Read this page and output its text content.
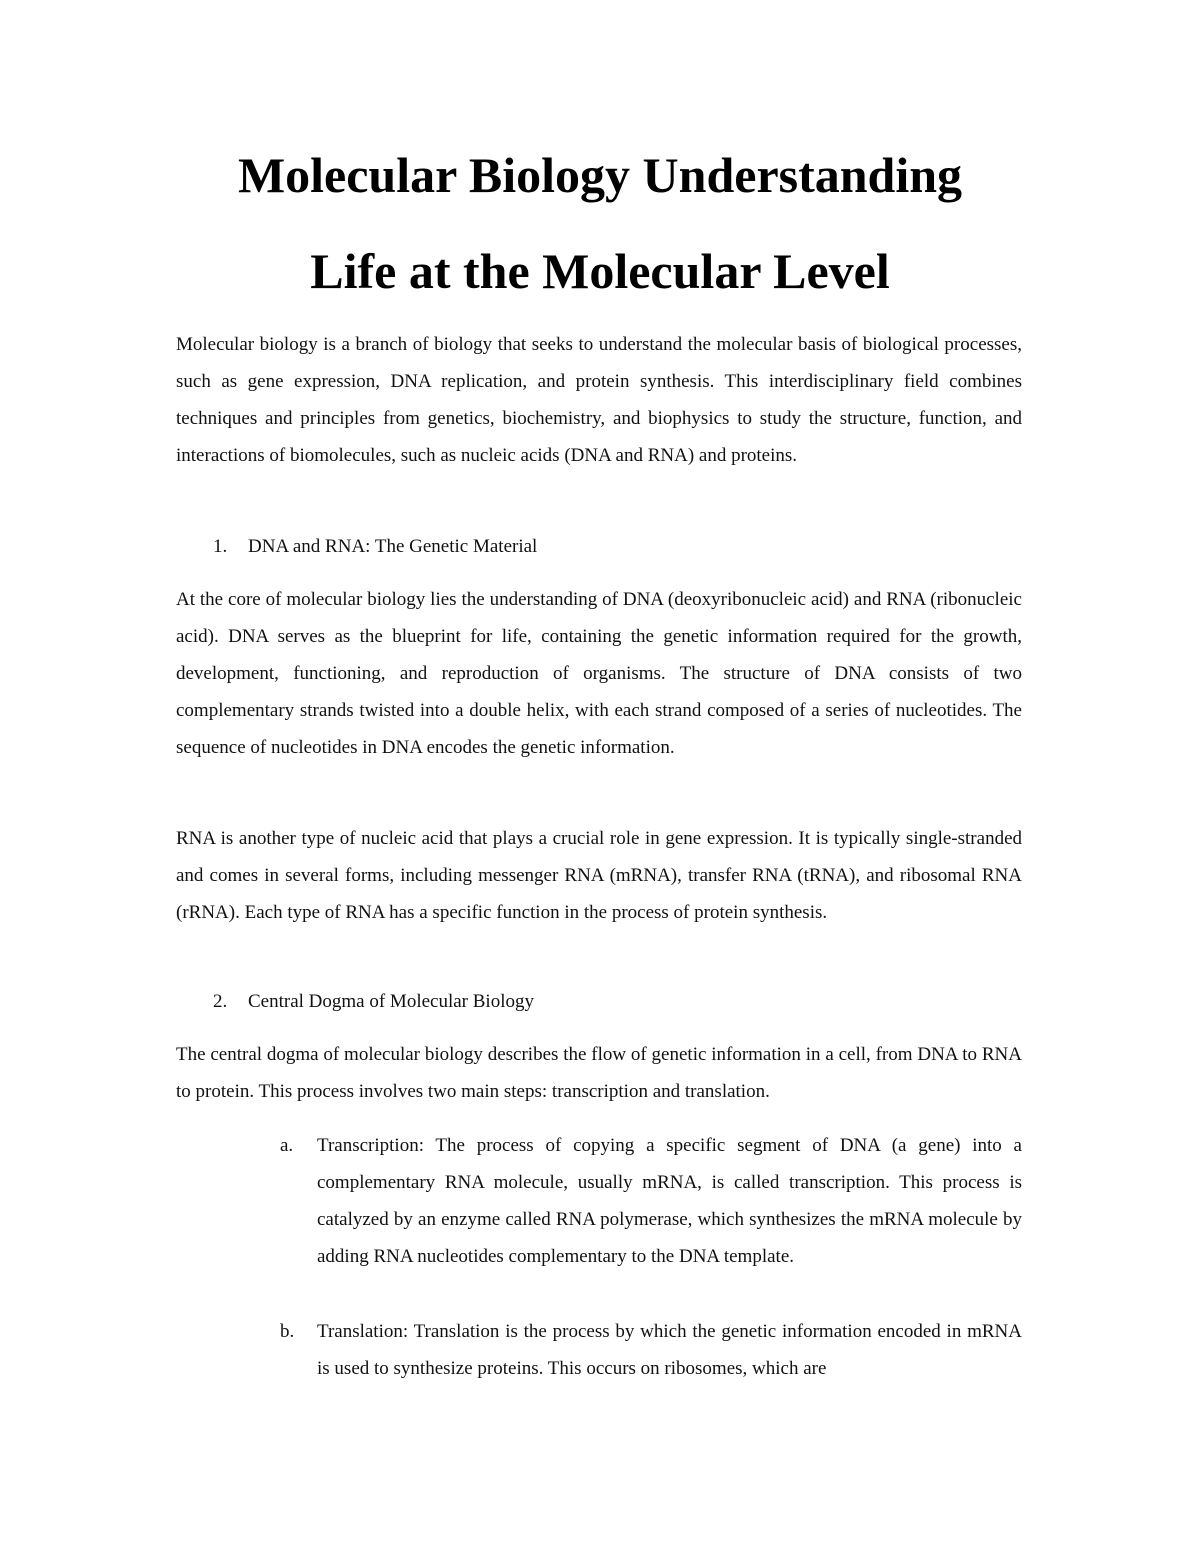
Molecular Biology Understanding
Life at the Molecular Level

Molecular biology is a branch of biology that seeks to understand the molecular basis of biological processes, such as gene expression, DNA replication, and protein synthesis. This interdisciplinary field combines techniques and principles from genetics, biochemistry, and biophysics to study the structure, function, and interactions of biomolecules, such as nucleic acids (DNA and RNA) and proteins.

1. DNA and RNA: The Genetic Material

At the core of molecular biology lies the understanding of DNA (deoxyribonucleic acid) and RNA (ribonucleic acid). DNA serves as the blueprint for life, containing the genetic information required for the growth, development, functioning, and reproduction of organisms. The structure of DNA consists of two complementary strands twisted into a double helix, with each strand composed of a series of nucleotides. The sequence of nucleotides in DNA encodes the genetic information.

RNA is another type of nucleic acid that plays a crucial role in gene expression. It is typically single-stranded and comes in several forms, including messenger RNA (mRNA), transfer RNA (tRNA), and ribosomal RNA (rRNA). Each type of RNA has a specific function in the process of protein synthesis.

2. Central Dogma of Molecular Biology

The central dogma of molecular biology describes the flow of genetic information in a cell, from DNA to RNA to protein. This process involves two main steps: transcription and translation.

a. Transcription: The process of copying a specific segment of DNA (a gene) into a complementary RNA molecule, usually mRNA, is called transcription. This process is catalyzed by an enzyme called RNA polymerase, which synthesizes the mRNA molecule by adding RNA nucleotides complementary to the DNA template.
b. Translation: Translation is the process by which the genetic information encoded in mRNA is used to synthesize proteins. This occurs on ribosomes, which are
